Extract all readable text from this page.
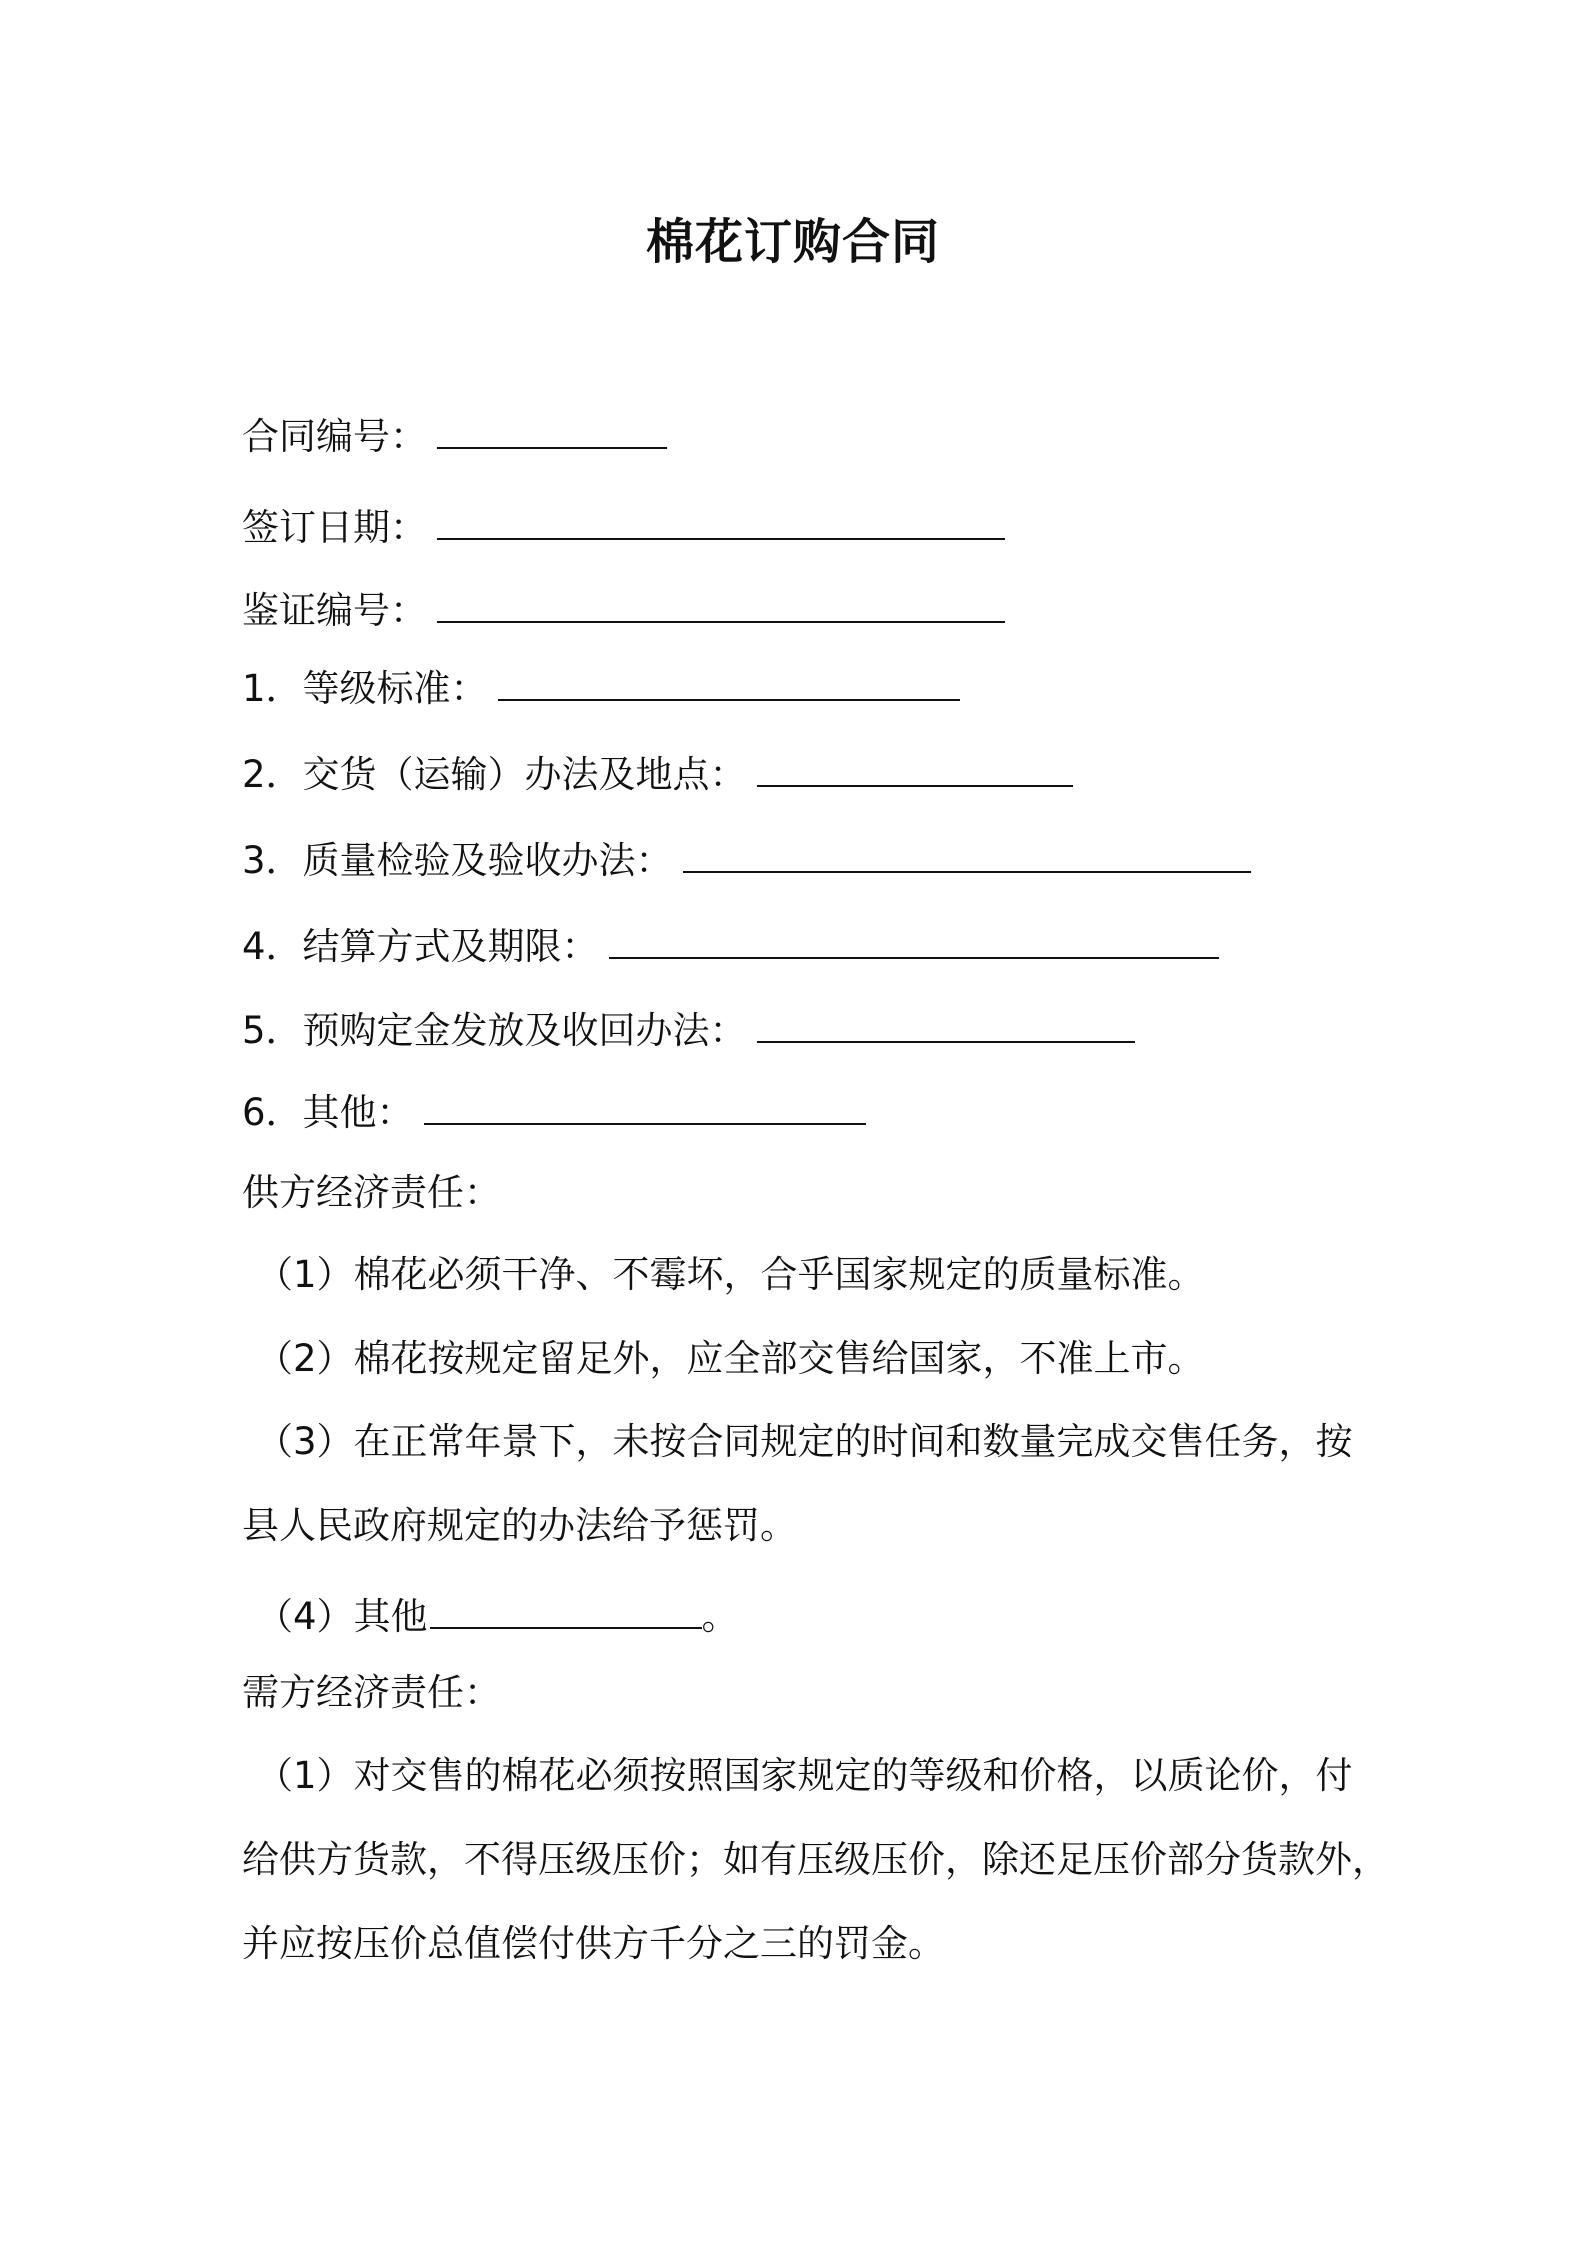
棉花订购合同
合同编号：
签订日期：
鉴证编号：
1．等级标准：
2．交货（运输）办法及地点：
3．质量检验及验收办法：
4．结算方式及期限：
5．预购定金发放及收回办法：
6．其他：
供方经济责任：
（1）棉花必须干净、不霉坏，合乎国家规定的质量标准。
（2）棉花按规定留足外，应全部交售给国家，不准上市。
（3）在正常年景下，未按合同规定的时间和数量完成交售任务，按
县人民政府规定的办法给予惩罚。
（4）其他	。
需方经济责任：
（1）对交售的棉花必须按照国家规定的等级和价格，以质论价，付
给供方货款，不得压级压价；如有压级压价，除还足压价部分货款外，
并应按压价总值偿付供方千分之三的罚金。
